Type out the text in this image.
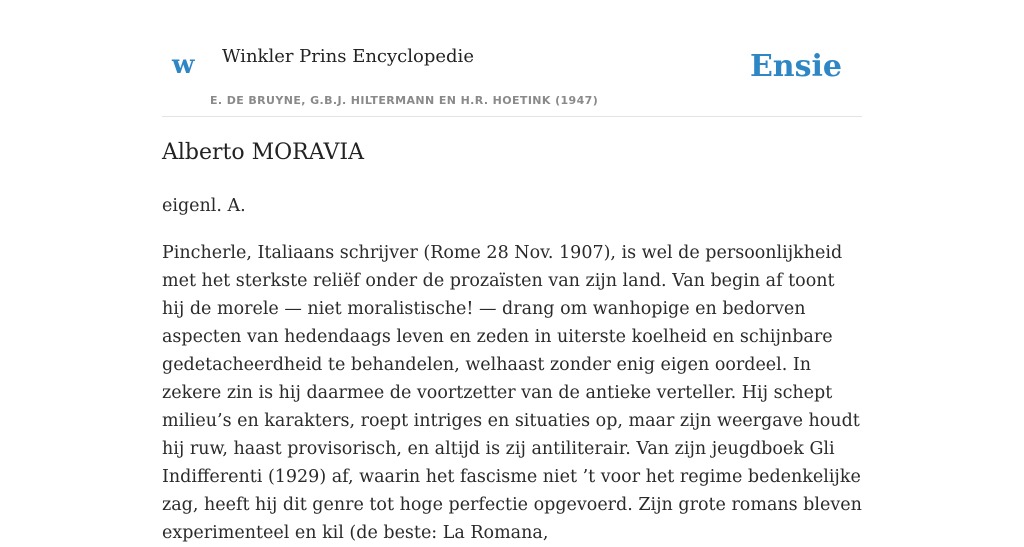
w Winkler Prins Encyclopedie
E. DE BRUYNE, G.B.J. HILTERMANN EN H.R. HOETINK (1947)
Ensie
Alberto MORAVIA

eigenl. A.

Pincherle, Italiaans schrijver (Rome 28 Nov. 1907), is wel de persoonlijkheid met het sterkste reliëf onder de prozaïsten van zijn land. Van begin af toont hij de morele — niet moralistische! — drang om wanhopige en bedorven aspecten van hedendaags leven en zeden in uiterste koelheid en schijnbare gedetacheerdheid te behandelen, welhaast zonder enig eigen oordeel. In zekere zin is hij daarmee de voortzetter van de antieke verteller. Hij schept milieu’s en karakters, roept intriges en situaties op, maar zijn weergave houdt hij ruw, haast provisorisch, en altijd is zij antiliterair. Van zijn jeugdboek Gli Indifferenti (1929) af, waarin het fascisme niet ’t voor het regime bedenkelijke zag, heeft hij dit genre tot hoge perfectie opgevoerd. Zijn grote romans bleven experimenteel en kil (de beste: La Romana,
